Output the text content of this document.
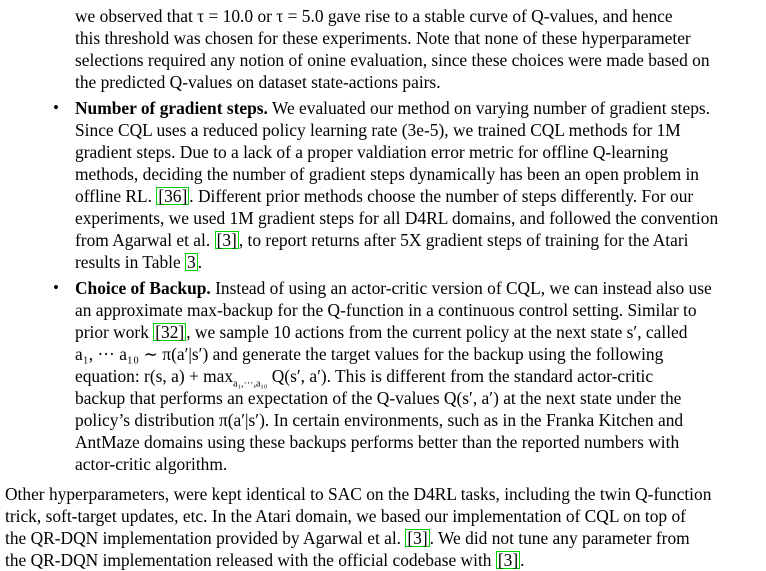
we observed that τ = 10.0 or τ = 5.0 gave rise to a stable curve of Q-values, and hence
this threshold was chosen for these experiments. Note that none of these hyperparameter
selections required any notion of onine evaluation, since these choices were made based on
the predicted Q-values on dataset state-actions pairs.
• Number of gradient steps. We evaluated our method on varying number of gradient steps.
Since CQL uses a reduced policy learning rate (3e-5), we trained CQL methods for 1M
gradient steps. Due to a lack of a proper valdiation error metric for offline Q-learning
methods, deciding the number of gradient steps dynamically has been an open problem in
offline RL. [36] . Different prior methods choose the number of steps differently. For our
experiments, we used 1M gradient steps for all D4RL domains, and followed the convention
from Agarwal et al. [3] , to report returns after 5X gradient steps of training for the Atari
results in Table 3 .
• Choice of Backup. Instead of using an actor-critic version of CQL, we can instead also use
an approximate max-backup for the Q-function in a continuous control setting. Similar to
prior work [32] , we sample 10 actions from the current policy at the next state s′, called
a₁, ··· a₁₀ ∼ π(a′|s′) and generate the target values for the backup using the following
equation: r(s, $a) + \max_{a_1,\cdot\cdot\cdot,a_{10}} Q(s'$, a′). This is different from the standard actor-critic
backup that performs an expectation of the Q-values Q(s′, a′) at the next state under the
policy’s distribution π(a′|s′). In certain environments, such as in the Franka Kitchen and
AntMaze domains using these backups performs better than the reported numbers with
actor-critic algorithm.
Other hyperparameters, were kept identical to SAC on the D4RL tasks, including the twin Q-function
trick, soft-target updates, etc. In the Atari domain, we based our implementation of CQL on top of
the QR-DQN implementation provided by Agarwal et al. [3] . We did not tune any parameter from
the QR-DQN implementation released with the official codebase with [3] .
